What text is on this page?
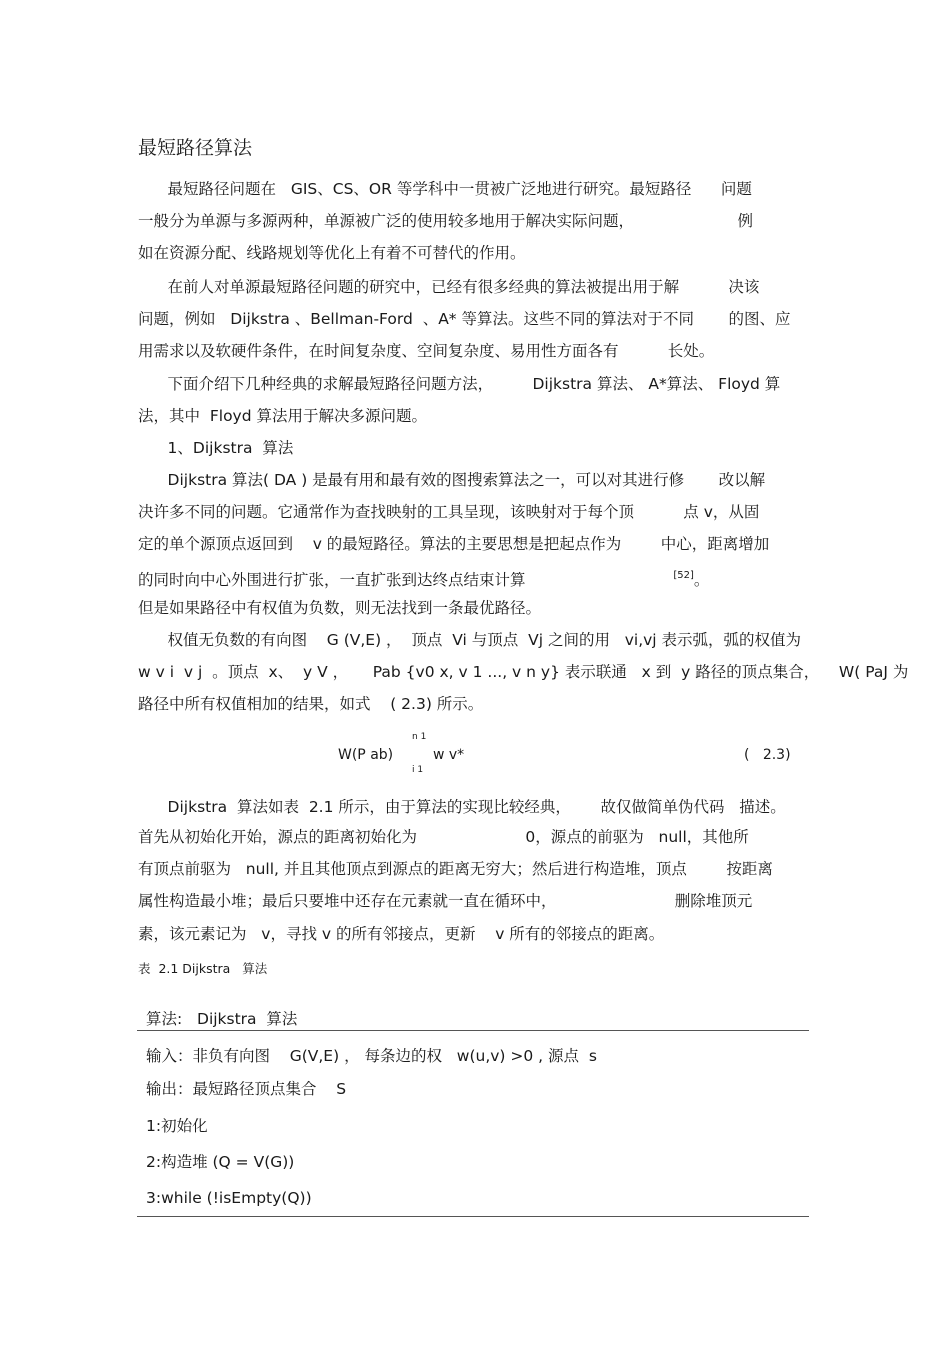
最短路径算法
最短路径问题在   GIS、CS、OR 等学科中一贯被广泛地进行研究。最短路径      问题
一般分为单源与多源两种，单源被广泛的使用较多地用于解决实际问题，                     例
如在资源分配、线路规划等优化上有着不可替代的作用。
在前人对单源最短路径问题的研究中，已经有很多经典的算法被提出用于解          决该
问题，例如   Dijkstra 、Bellman-Ford  、A* 等算法。这些不同的算法对于不同       的图、应
用需求以及软硬件条件，在时间复杂度、空间复杂度、易用性方面各有          长处。
下面介绍下几种经典的求解最短路径问题方法，        Dijkstra 算法、 A*算法、 Floyd 算
法，其中  Floyd 算法用于解决多源问题。
1、Dijkstra  算法
Dijkstra 算法( DA ) 是最有用和最有效的图搜索算法之一，可以对其进行修       改以解
决许多不同的问题。它通常作为查找映射的工具呈现，该映射对于每个顶          点 v，从固
定的单个源顶点返回到    v 的最短路径。算法的主要思想是把起点作为        中心，距离增加
的同时向中心外围进行扩张，一直扩张到达终点结束计算                              [52]。
但是如果路径中有权值为负数，则无法找到一条最优路径。
权值无负数的有向图    G (V,E) ，  顶点  Vi 与顶点  Vj 之间的用   vi,vj 表示弧，弧的权值为
w v i  v j  。顶点  x、  y V ，     Pab {v0 x, v 1 ..., v n y} 表示联通   x 到  y 路径的顶点集合，    W( PaJ 为
路径中所有权值相加的结果，如式    ( 2.3) 所示。
W(P ab)
n 1
w v*
i 1
(   2.3)
Dijkstra  算法如表  2.1 所示，由于算法的实现比较经典，      故仅做简单伪代码   描述。
首先从初始化开始，源点的距离初始化为                      0，源点的前驱为   null，其他所
有顶点前驱为   null, 并且其他顶点到源点的距离无穷大；然后进行构造堆，顶点        按距离
属性构造最小堆；最后只要堆中还存在元素就一直在循环中，                        删除堆顶元
素，该元素记为   v，寻找 v 的所有邻接点，更新    v 所有的邻接点的距离。
表  2.1 Dijkstra   算法
算法:   Dijkstra  算法
输入：非负有向图    G(V,E) ， 每条边的权   w(u,v) >0 , 源点  s
输出：最短路径顶点集合    S
1:初始化
2:构造堆 (Q = V(G))
3:while (!isEmpty(Q))
